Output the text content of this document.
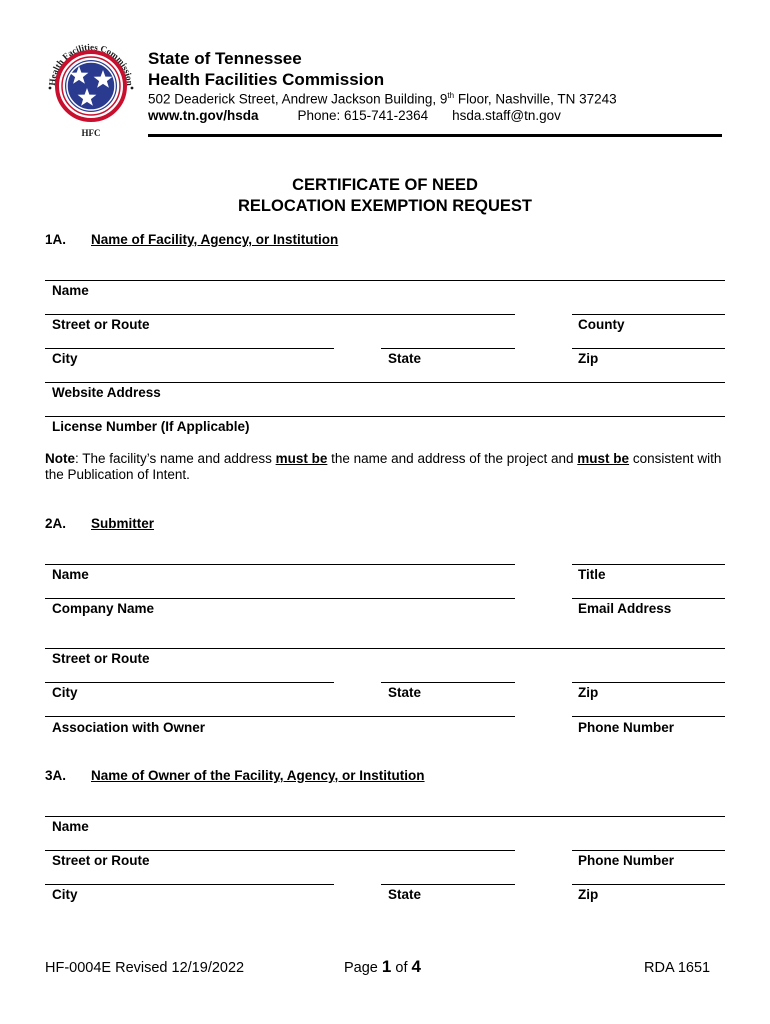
Health Facilities Commission
HFC
State of Tennessee
Health Facilities Commission
502 Deaderick Street, Andrew Jackson Building, 9th Floor, Nashville, TN 37243
www.tn.gov/hsda	Phone: 615-741-2364 hsda.staff@tn.gov
CERTIFICATE OF NEED
RELOCATION EXEMPTION REQUEST
1A. Name of Facility, Agency, or Institution
Name
Street or Route	County
City	State	Zip
Website Address
License Number (If Applicable)
Note: The facility’s name and address must be the name and address of the project and must be consistent with the Publication of Intent.
2A. Submitter
Name	Title
Company Name	Email Address
Street or Route
City	State	Zip
Association with Owner	Phone Number
3A. Name of Owner of the Facility, Agency, or Institution
Name
Street or Route	Phone Number
City	State	Zip
HF-0004E Revised 12/19/2022	Page 1 of 4	RDA 1651
